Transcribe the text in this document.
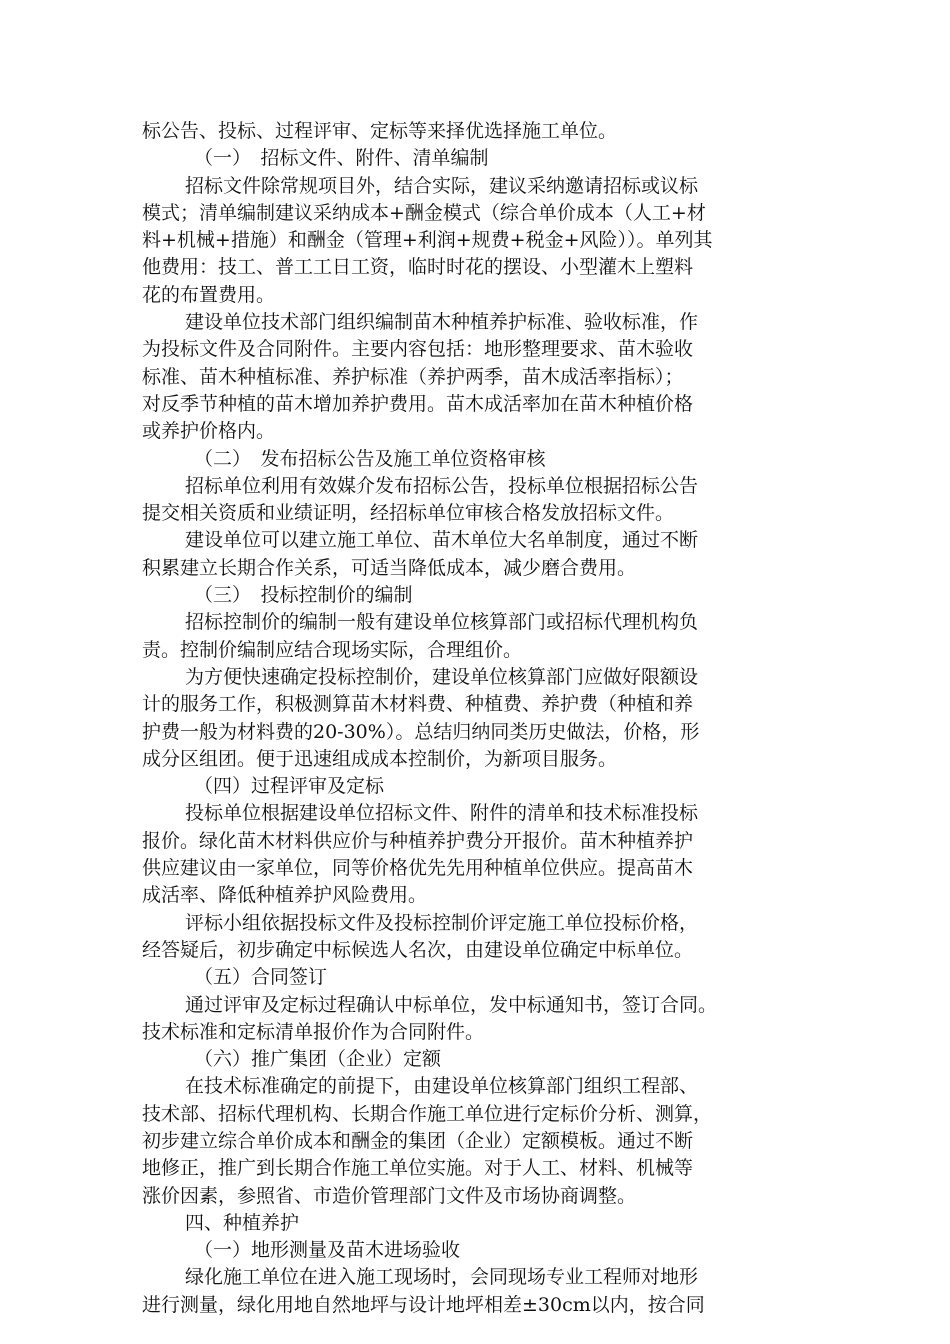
标公告、投标、过程评审、定标等来择优选择施工单位。
（一）　招标文件、附件、清单编制
招标文件除常规项目外，结合实际，建议采纳邀请招标或议标
模式；清单编制建议采纳成本+酬金模式（综合单价成本（人工+材
料+机械+措施）和酬金（管理+利润+规费+税金+风险））。单列其
他费用：技工、普工工日工资，临时时花的摆设、小型灌木上塑料
花的布置费用。
建设单位技术部门组织编制苗木种植养护标准、验收标准，作
为投标文件及合同附件。主要内容包括：地形整理要求、苗木验收
标准、苗木种植标准、养护标准（养护两季，苗木成活率指标）；
对反季节种植的苗木增加养护费用。苗木成活率加在苗木种植价格
或养护价格内。
（二）　发布招标公告及施工单位资格审核
招标单位利用有效媒介发布招标公告，投标单位根据招标公告
提交相关资质和业绩证明，经招标单位审核合格发放招标文件。
建设单位可以建立施工单位、苗木单位大名单制度，通过不断
积累建立长期合作关系，可适当降低成本，减少磨合费用。
（三）　投标控制价的编制
招标控制价的编制一般有建设单位核算部门或招标代理机构负
责。控制价编制应结合现场实际，合理组价。
为方便快速确定投标控制价，建设单位核算部门应做好限额设
计的服务工作，积极测算苗木材料费、种植费、养护费（种植和养
护费一般为材料费的20-30%）。总结归纳同类历史做法，价格，形
成分区组团。便于迅速组成成本控制价，为新项目服务。
（四）过程评审及定标
投标单位根据建设单位招标文件、附件的清单和技术标准投标
报价。绿化苗木材料供应价与种植养护费分开报价。苗木种植养护
供应建议由一家单位，同等价格优先先用种植单位供应。提高苗木
成活率、降低种植养护风险费用。
评标小组依据投标文件及投标控制价评定施工单位投标价格，
经答疑后，初步确定中标候选人名次，由建设单位确定中标单位。
（五）合同签订
通过评审及定标过程确认中标单位，发中标通知书，签订合同。
技术标准和定标清单报价作为合同附件。
（六）推广集团（企业）定额
在技术标准确定的前提下，由建设单位核算部门组织工程部、
技术部、招标代理机构、长期合作施工单位进行定标价分析、测算，
初步建立综合单价成本和酬金的集团（企业）定额模板。通过不断
地修正，推广到长期合作施工单位实施。对于人工、材料、机械等
涨价因素，参照省、市造价管理部门文件及市场协商调整。
四、种植养护
（一）地形测量及苗木进场验收
绿化施工单位在进入施工现场时，会同现场专业工程师对地形
进行测量，绿化用地自然地坪与设计地坪相差±30cm以内，按合同
